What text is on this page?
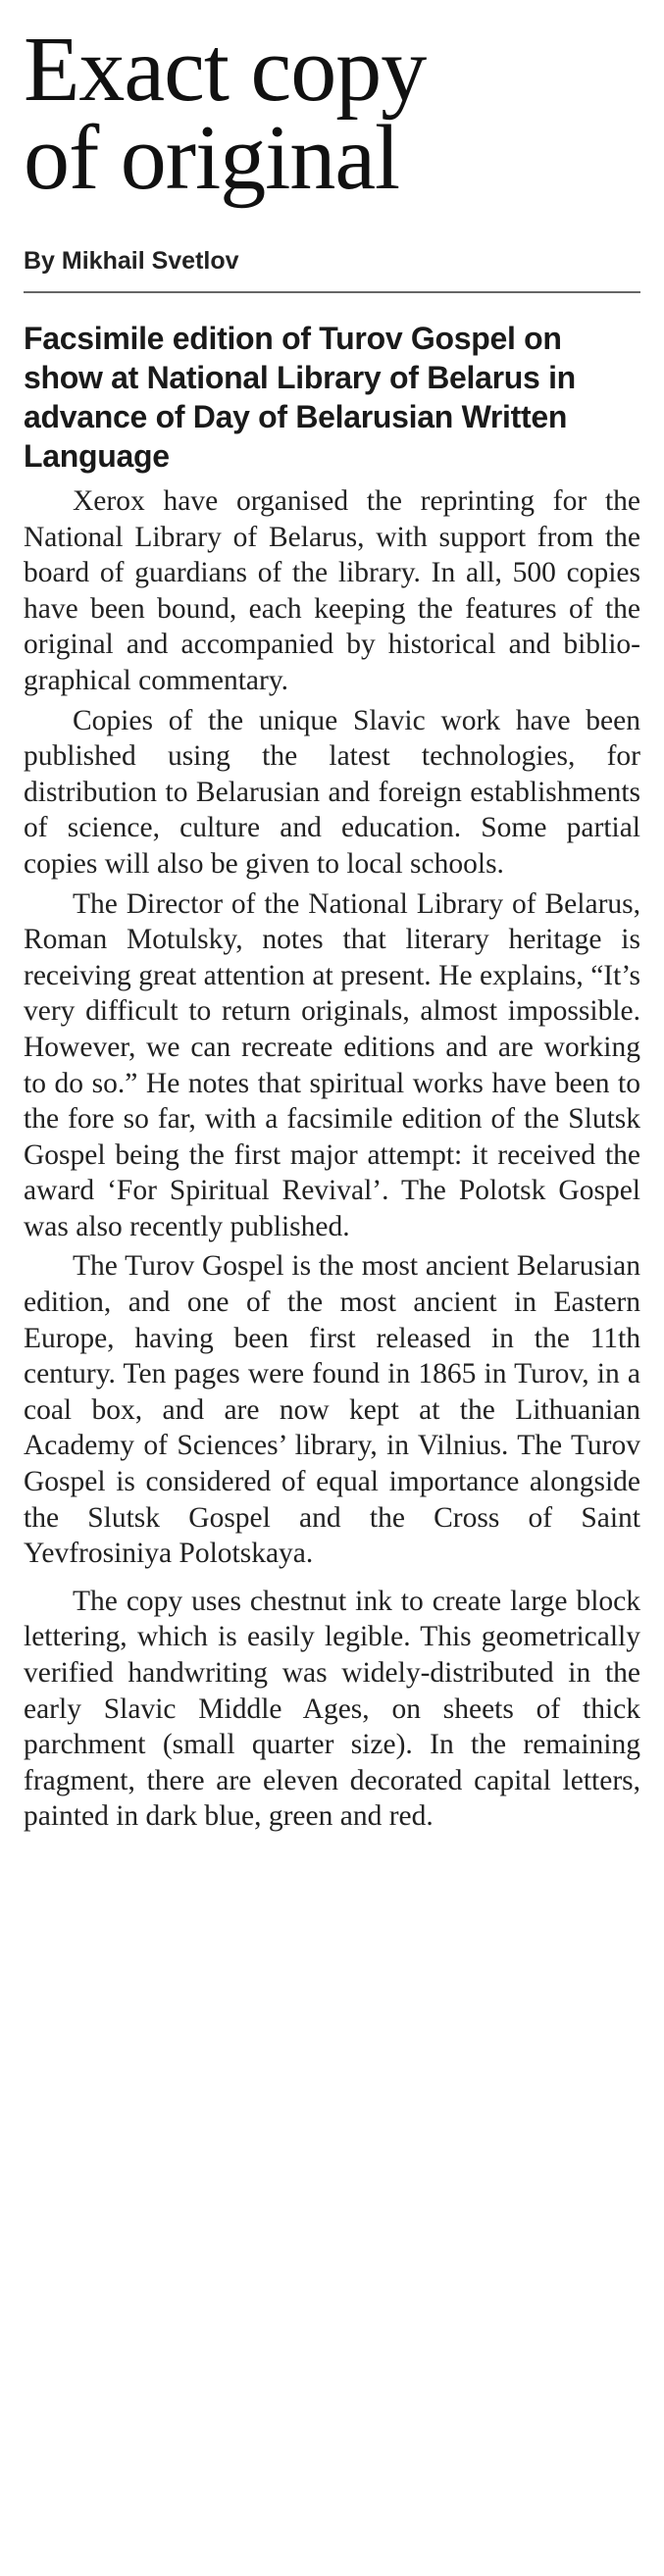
Exact copy
of original
By Mikhail Svetlov
Facsimile edition of Turov Gospel on show at National Library of Belarus in advance of Day of Belarusian Written Language

Xerox have organised the reprinting for the National Library of Belarus, with support from the board of guardians of the library. In all, 500 copies have been bound, each keeping the features of the original and accompanied by historical and bibliographical commentary.

Copies of the unique Slavic work have been published using the latest technologies, for distribution to Belarusian and foreign establishments of science, culture and education. Some partial copies will also be given to local schools.

The Director of the National Library of Belarus, Roman Motulsky, notes that literary heritage is receiving great attention at present. He explains, “It’s very difficult to return originals, almost impossible. However, we can recreate editions and are working to do so.” He notes that spiritual works have been to the fore so far, with a facsimile edition of the Slutsk Gospel being the first major attempt: it received the award ‘For Spiritual Revival’. The Polotsk Gospel was also recently published.

The Turov Gospel is the most ancient Belarusian edition, and one of the most ancient in Eastern Europe, having been first released in the 11th century. Ten pages were found in 1865 in Turov, in a coal box, and are now kept at the Lithuanian Academy of Sciences’ library, in Vilnius. The Turov Gospel is considered of equal importance alongside the Slutsk Gospel and the Cross of Saint Yevfrosiniya Polotskaya.

The copy uses chestnut ink to create large block lettering, which is easily legible. This geometrically verified handwriting was widely-distributed in the early Slavic Middle Ages, on sheets of thick parchment (small quarter size). In the remaining fragment, there are eleven decorated capital letters, painted in dark blue, green and red.
